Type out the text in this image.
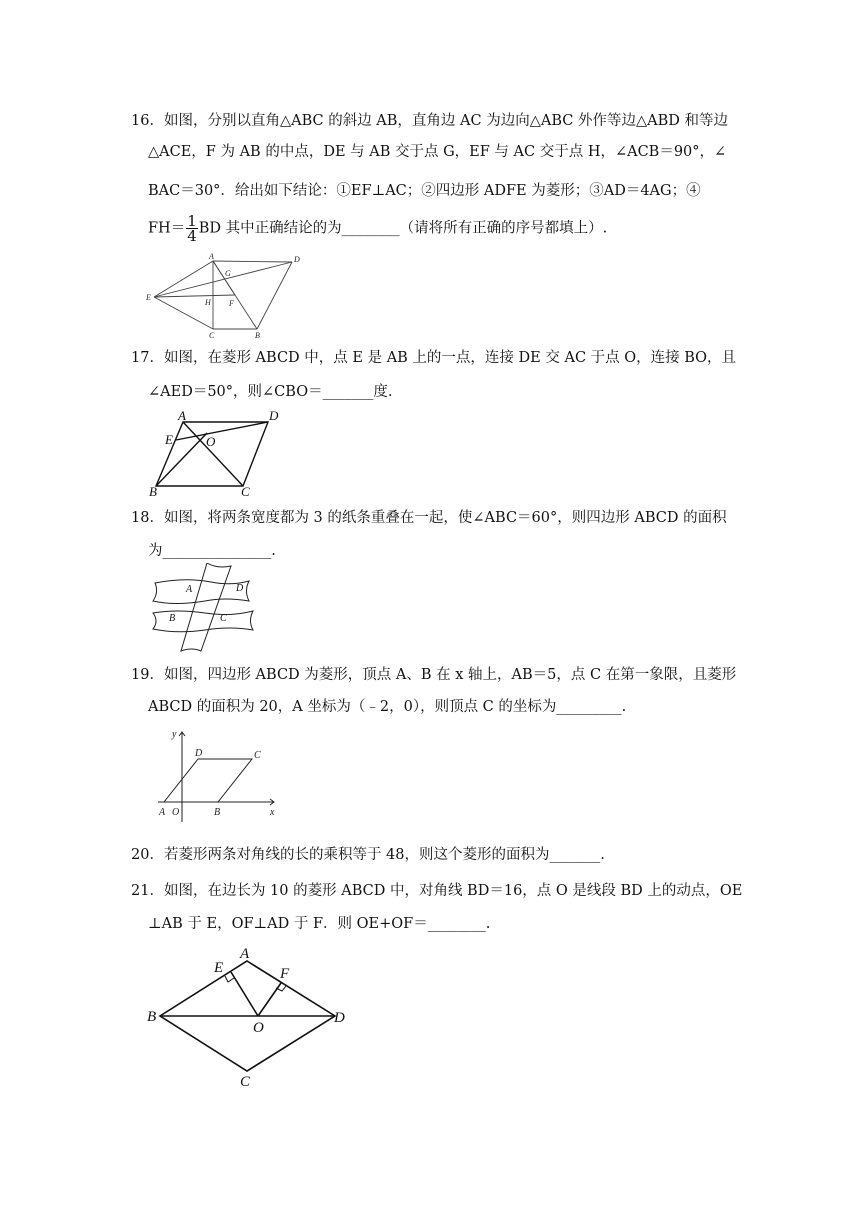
16．如图，分别以直角△ABC 的斜边 AB，直角边 AC 为边向△ABC 外作等边△ABD 和等边
△ACE，F 为 AB 的中点，DE 与 AB 交于点 G，EF 与 AC 交于点 H，∠ACB＝90°，∠
BAC＝30°．给出如下结论：①EF⊥AC；②四边形 ADFE 为菱形；③AD＝4AG；④
$FH= \frac{1}{4}$ BD 其中正确结论的为________（请将所有正确的序号都填上）.
A	D
G
E
H F
C	B
17．如图，在菱形 ABCD 中，点 E 是 AB 上的一点，连接 DE 交 AC 于点 O，连接 BO，且
∠AED＝50°，则∠CBO＝_______度.
A	D
E	O
B	C
18．如图，将两条宽度都为 3 的纸条重叠在一起，使∠ABC＝60°，则四边形 ABCD 的面积
为_______________.
A	D
B	C
19．如图，四边形 ABCD 为菱形，顶点 A、B 在 x 轴上，AB＝5，点 C 在第一象限，且菱形
ABCD 的面积为 20，A 坐标为（﹣2，0），则顶点 C 的坐标为_________.
y
D	C
A O	B	x
20．若菱形两条对角线的长的乘积等于 48，则这个菱形的面积为_______.
21．如图，在边长为 10 的菱形 ABCD 中，对角线 BD＝16，点 O 是线段 BD 上的动点，OE
⊥AB 于 E，OF⊥AD 于 F．则 OE+OF＝________.
A
E	F
B
O
D
C
